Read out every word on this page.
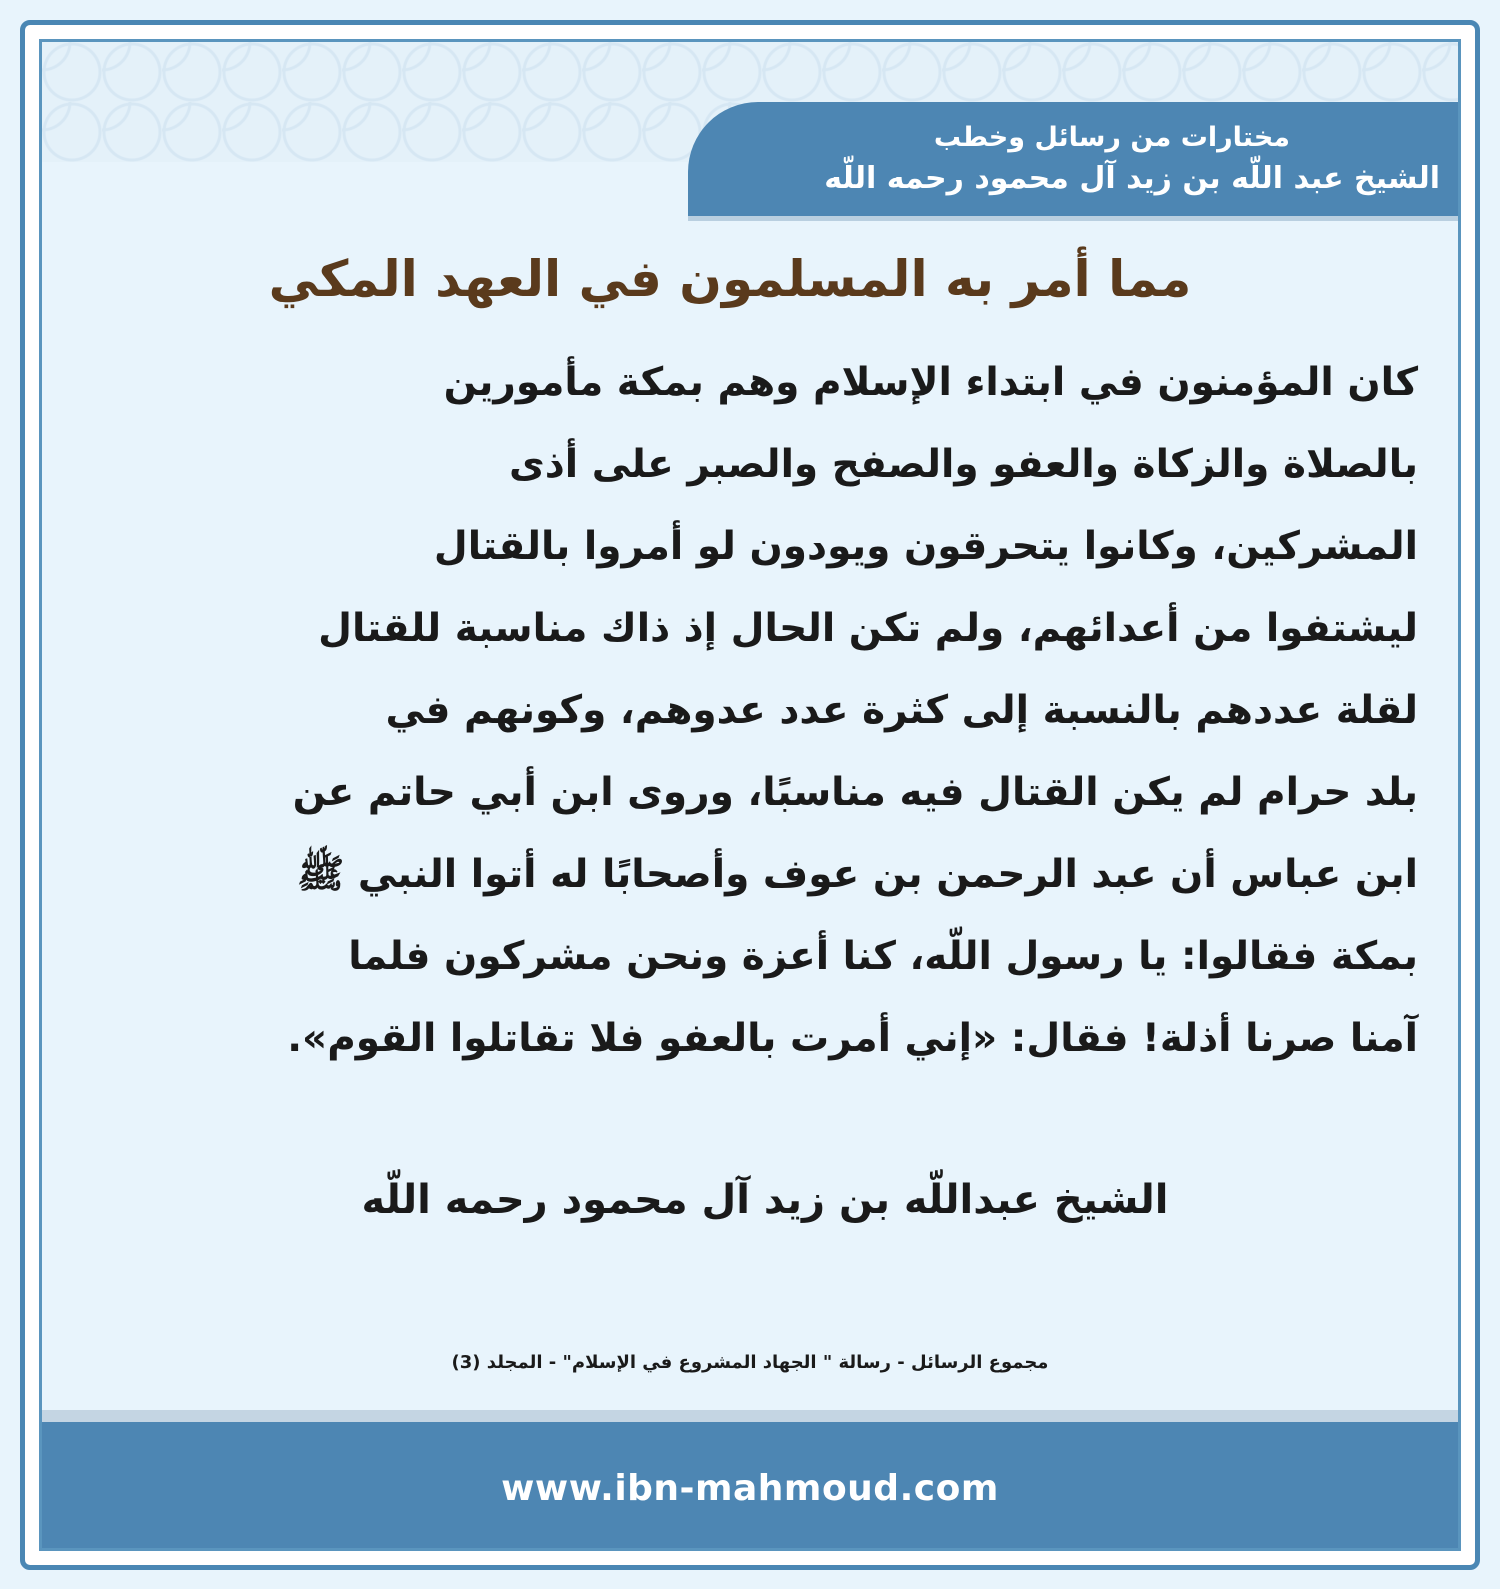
مختارات من رسائل وخطب
الشيخ عبد اللّه بن زيد آل محمود رحمه اللّه
مما أمر به المسلمون في العهد المكي
كان المؤمنون في ابتداء الإسلام وهم بمكة مأمورين
بالصلاة والزكاة والعفو والصفح والصبر على أذى
المشركين، وكانوا يتحرقون ويودون لو أمروا بالقتال
ليشتفوا من أعدائهم، ولم تكن الحال إذ ذاك مناسبة للقتال
لقلة عددهم بالنسبة إلى كثرة عدد عدوهم، وكونهم في
بلد حرام لم يكن القتال فيه مناسبًا، وروى ابن أبي حاتم عن
ابن عباس أن عبد الرحمن بن عوف وأصحابًا له أتوا النبي ﷺ
بمكة فقالوا: يا رسول اللّه، كنا أعزة ونحن مشركون فلما
آمنا صرنا أذلة! فقال: «إني أمرت بالعفو فلا تقاتلوا القوم».
الشيخ عبداللّه بن زيد آل محمود رحمه اللّه
مجموع الرسائل - رسالة " الجهاد المشروع في الإسلام" - المجلد (3)
www.ibn-mahmoud.com
